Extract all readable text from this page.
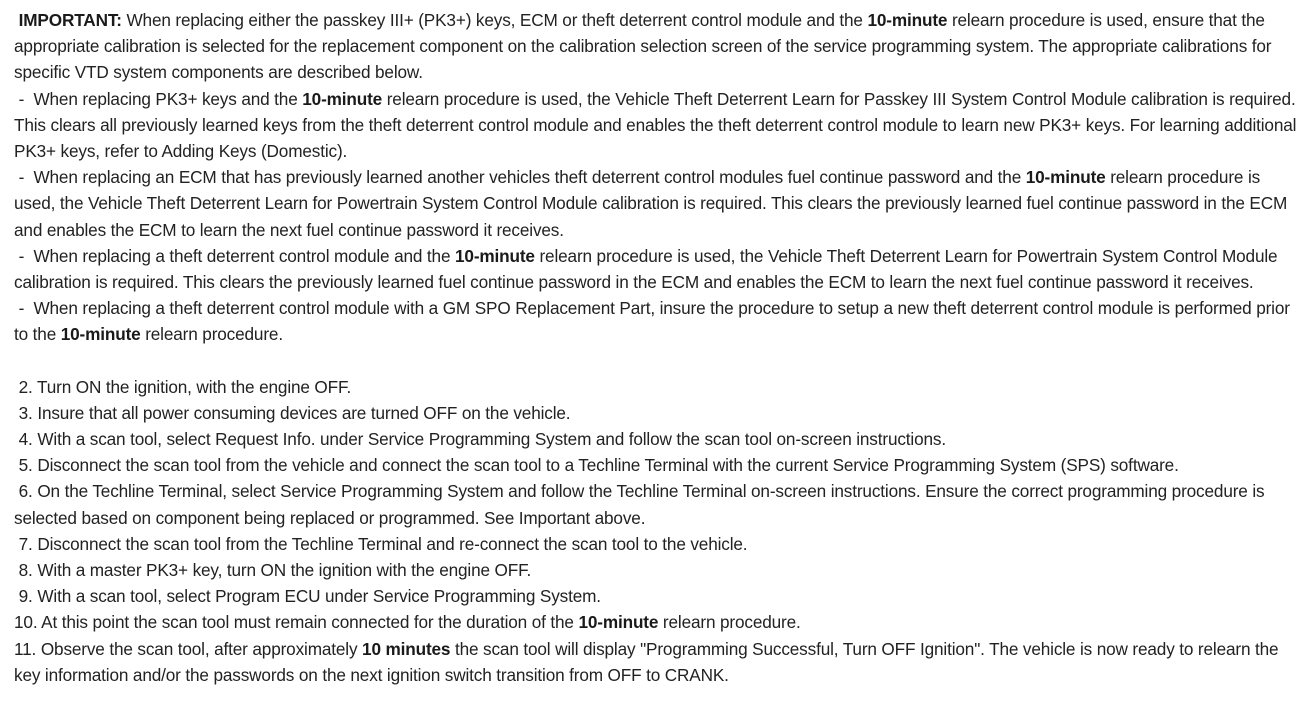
IMPORTANT: When replacing either the passkey III+ (PK3+) keys, ECM or theft deterrent control module and the 10-minute relearn procedure is used, ensure that the appropriate calibration is selected for the replacement component on the calibration selection screen of the service programming system. The appropriate calibrations for specific VTD system components are described below.

-  When replacing PK3+ keys and the 10-minute relearn procedure is used, the Vehicle Theft Deterrent Learn for Passkey III System Control Module calibration is required. This clears all previously learned keys from the theft deterrent control module and enables the theft deterrent control module to learn new PK3+ keys. For learning additional PK3+ keys, refer to Adding Keys (Domestic).

-  When replacing an ECM that has previously learned another vehicles theft deterrent control modules fuel continue password and the 10-minute relearn procedure is used, the Vehicle Theft Deterrent Learn for Powertrain System Control Module calibration is required. This clears the previously learned fuel continue password in the ECM and enables the ECM to learn the next fuel continue password it receives.

-  When replacing a theft deterrent control module and the 10-minute relearn procedure is used, the Vehicle Theft Deterrent Learn for Powertrain System Control Module calibration is required. This clears the previously learned fuel continue password in the ECM and enables the ECM to learn the next fuel continue password it receives.

-  When replacing a theft deterrent control module with a GM SPO Replacement Part, insure the procedure to setup a new theft deterrent control module is performed prior to the 10-minute relearn procedure.

2. Turn ON the ignition, with the engine OFF.

3. Insure that all power consuming devices are turned OFF on the vehicle.

4. With a scan tool, select Request Info. under Service Programming System and follow the scan tool on-screen instructions.

5. Disconnect the scan tool from the vehicle and connect the scan tool to a Techline Terminal with the current Service Programming System (SPS) software.

6. On the Techline Terminal, select Service Programming System and follow the Techline Terminal on-screen instructions. Ensure the correct programming procedure is selected based on component being replaced or programmed. See Important above.

7. Disconnect the scan tool from the Techline Terminal and re-connect the scan tool to the vehicle.

8. With a master PK3+ key, turn ON the ignition with the engine OFF.

9. With a scan tool, select Program ECU under Service Programming System.

10. At this point the scan tool must remain connected for the duration of the 10-minute relearn procedure.

11. Observe the scan tool, after approximately 10 minutes the scan tool will display "Programming Successful, Turn OFF Ignition". The vehicle is now ready to relearn the key information and/or the passwords on the next ignition switch transition from OFF to CRANK.
